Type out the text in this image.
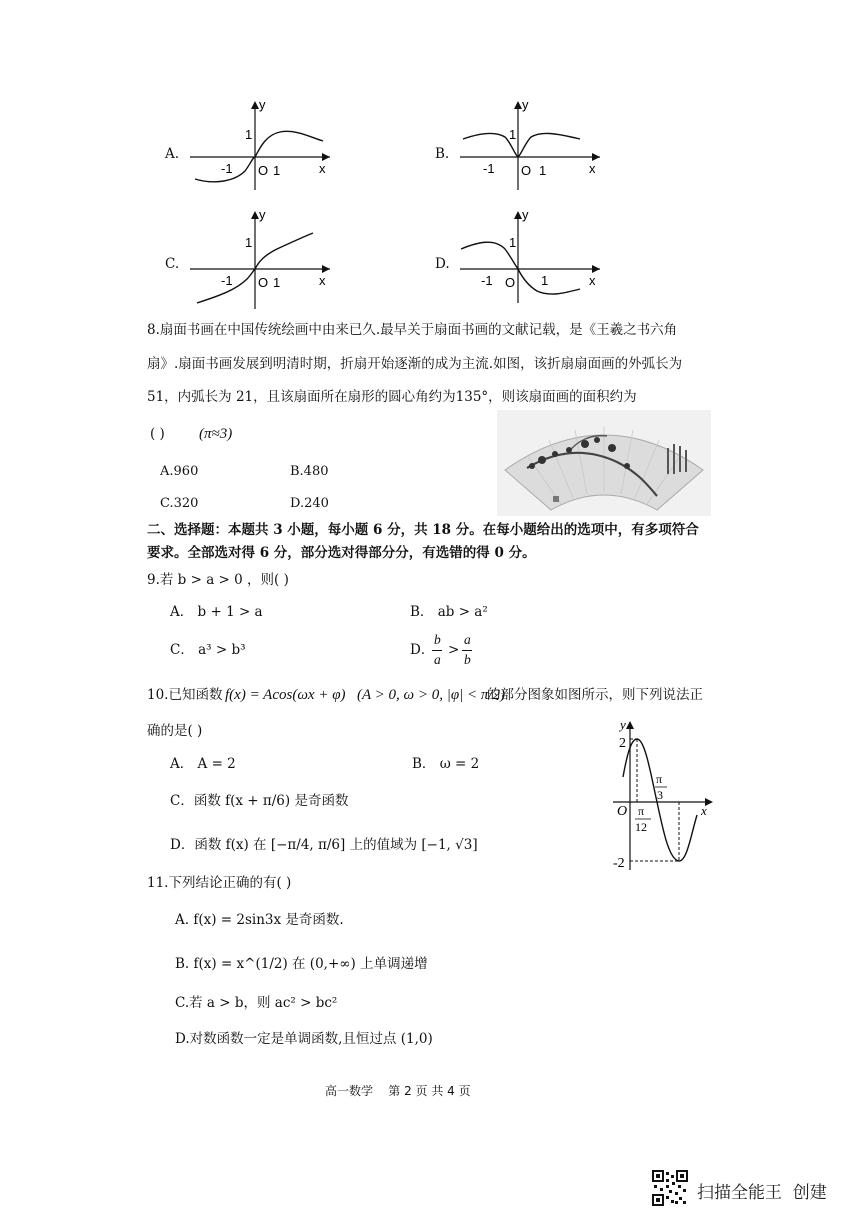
A.
y
x
O
-1	1
1
B.
y
x
O
-1	1
1
C.
y
x
O
-1	1
1
D.
y
x
O
-1	1
1
8.扇面书画在中国传统绘画中由来已久.最早关于扇面书画的文献记载，是《王羲之书六角
扇》.扇面书画发展到明清时期，折扇开始逐渐的成为主流.如图，该折扇扇面画的外弧长为
51，内弧长为 21，且该扇面所在扇形的圆心角约为135°，则该扇面画的面积约为
( ) (π≈3)
A.960	B.480
C.320	D.240
二、选择题：本题共 3 小题，每小题 6 分，共 18 分。在每小题给出的选项中，有多项符合
要求。全部选对得 6 分，部分选对得部分分，有选错的得 0 分。
9.若 b > a > 0 ，则( )
A． b + 1 > a	B． ab > a²
C． a³ > b³	D．
b
a
>
a
b
10.已知函数 f(x) = Acos(ωx + φ) (A > 0, ω > 0, |φ| < π/2)
的部分图象如图所示，则下列说法正
确的是( )
A． A = 2	B． ω = 2
C．函数 f(x + π/6) 是奇函数
D．函数 f(x) 在 [−π/4, π/6] 上的值域为 [−1, √3]
y
x
2
-2
O π
12
π
3
11.下列结论正确的有( )
A. f(x) = 2sin3x 是奇函数.
B. f(x) = x^(1/2) 在 (0,+∞) 上单调递增
C.若 a > b，则 ac² > bc²
D.对数函数一定是单调函数,且恒过点 (1,0)
高一数学    第 2 页 共 4 页
扫描全能王  创建
